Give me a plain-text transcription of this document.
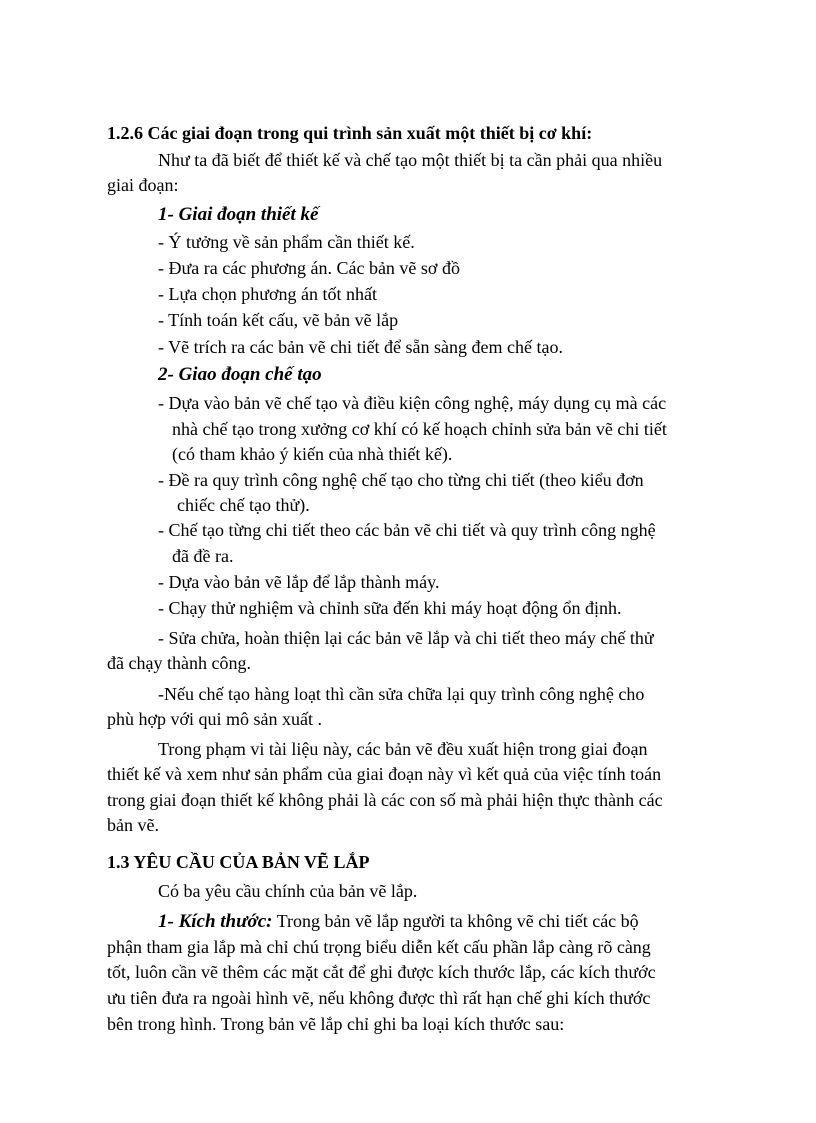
1.2.6 Các giai đoạn trong qui trình sản xuất một thiết bị cơ khí:
Như ta đã biết để thiết kế và chế tạo một thiết bị ta cần phải qua nhiều
giai đoạn:
1- Giai đoạn thiết kế
- Ý tưởng về sản phẩm cần thiết kế.
- Đưa ra các phương án. Các bản vẽ sơ đồ
- Lựa chọn phương án tốt nhất
- Tính toán kết cấu, vẽ bản vẽ lắp
- Vẽ trích ra các bản vẽ chi tiết để sẵn sàng đem chế tạo.
2- Giao đoạn chế tạo
- Dựa vào bản vẽ chế tạo và điều kiện công nghệ, máy dụng cụ mà các
nhà chế tạo trong xưởng cơ khí có kế hoạch chỉnh sửa bản vẽ chi tiết
(có tham khảo ý kiến của nhà thiết kế).
- Đề ra quy trình công nghệ chế tạo cho từng chi tiết (theo kiểu đơn
chiếc chế tạo thử).
- Chế tạo từng chi tiết theo các bản vẽ chi tiết và quy trình công nghệ
đã đề ra.
- Dựa vào bản vẽ lắp để lắp thành máy.
- Chạy thử nghiệm và chỉnh sữa đến khi máy hoạt động ổn định.
- Sửa chửa, hoàn thiện lại các bản vẽ lắp và chi tiết theo máy chế thử
đã chạy thành công.
-Nếu chế tạo hàng loạt thì cần sửa chữa lại quy trình công nghệ cho
phù hợp với qui mô sản xuất .
Trong phạm vi tài liệu này, các bản vẽ đều xuất hiện trong giai đoạn
thiết kế và xem như sản phẩm của giai đoạn này vì kết quả của việc tính toán
trong giai đoạn thiết kế không phải là các con số mà phải hiện thực thành các
bản vẽ.
1.3 YÊU CẦU CỦA BẢN VẼ LẮP
Có ba yêu cầu chính của bản vẽ lắp.
1- Kích thước: Trong bản vẽ lắp người ta không vẽ chi tiết các bộ
phận tham gia lắp mà chỉ chú trọng biểu diễn kết cấu phần lắp càng rõ càng
tốt, luôn cần vẽ thêm các mặt cắt để ghi được kích thước lắp, các kích thước
ưu tiên đưa ra ngoài hình vẽ, nếu không được thì rất hạn chế ghi kích thước
bên trong hình. Trong bản vẽ lắp chỉ ghi ba loại kích thước sau:
